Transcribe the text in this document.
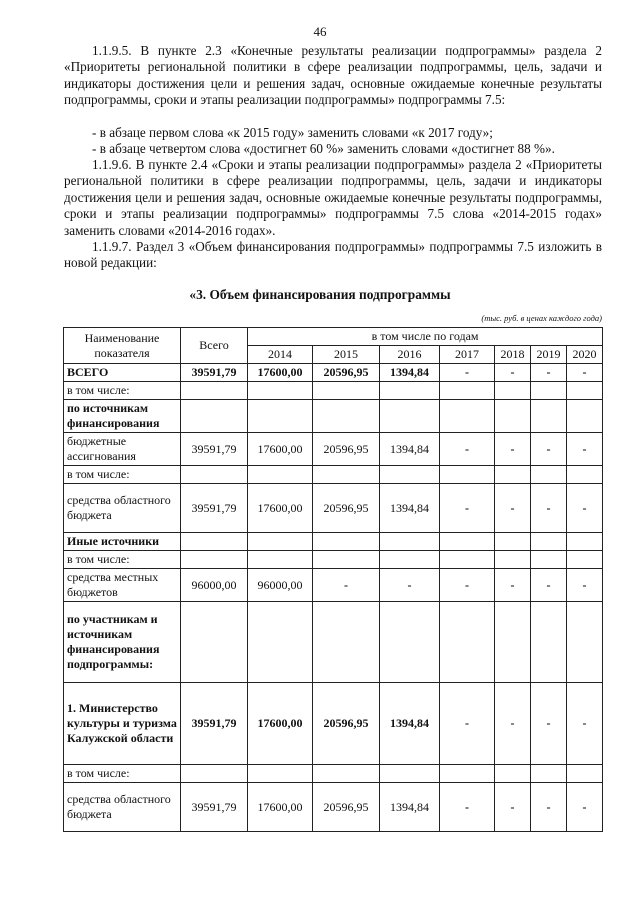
46

1.1.9.5. В пункте 2.3 «Конечные результаты реализации подпрограммы» раздела 2 «Приоритеты региональной политики в сфере реализации подпрограммы, цель, задачи и индикаторы достижения цели и решения задач, основные ожидаемые конечные результаты подпрограммы, сроки и этапы реализации подпрограммы» подпрограммы 7.5:

- в абзаце первом слова «к 2015 году» заменить словами «к 2017 году»;
- в абзаце четвертом слова «достигнет 60 %» заменить словами «достигнет 88 %».

1.1.9.6. В пункте 2.4 «Сроки и этапы реализации подпрограммы» раздела 2 «Приоритеты региональной политики в сфере реализации подпрограммы, цель, задачи и индикаторы достижения цели и решения задач, основные ожидаемые конечные результаты подпрограммы, сроки и этапы реализации подпрограммы» подпрограммы 7.5 слова «2014-2015 годах» заменить словами «2014-2016 годах».

1.1.9.7. Раздел 3 «Объем финансирования подпрограммы» подпрограммы 7.5 изложить в новой редакции:

«3. Объем финансирования подпрограммы
(тыс. руб. в ценах каждого года)
Наименование показателя	Всего	в том числе по годам						
		2014	2015	2016	2017	2018	2019	2020
ВСЕГО	39591,79	17600,00	20596,95	1394,84	-	-	-	-
в том числе:								
по источникам финансирования								
бюджетные ассигнования	39591,79	17600,00	20596,95	1394,84	-	-	-	-
в том числе:								
средства областного бюджета	39591,79	17600,00	20596,95	1394,84	-	-	-	-
Иные источники								
в том числе:								
средства местных бюджетов	96000,00	96000,00	-	-	-	-	-	-
по участникам и источникам финансирования подпрограммы:								
1. Министерство культуры и туризма Калужской области	39591,79	17600,00	20596,95	1394,84	-	-	-	-
в том числе:								
средства областного бюджета	39591,79	17600,00	20596,95	1394,84	-	-	-	-
